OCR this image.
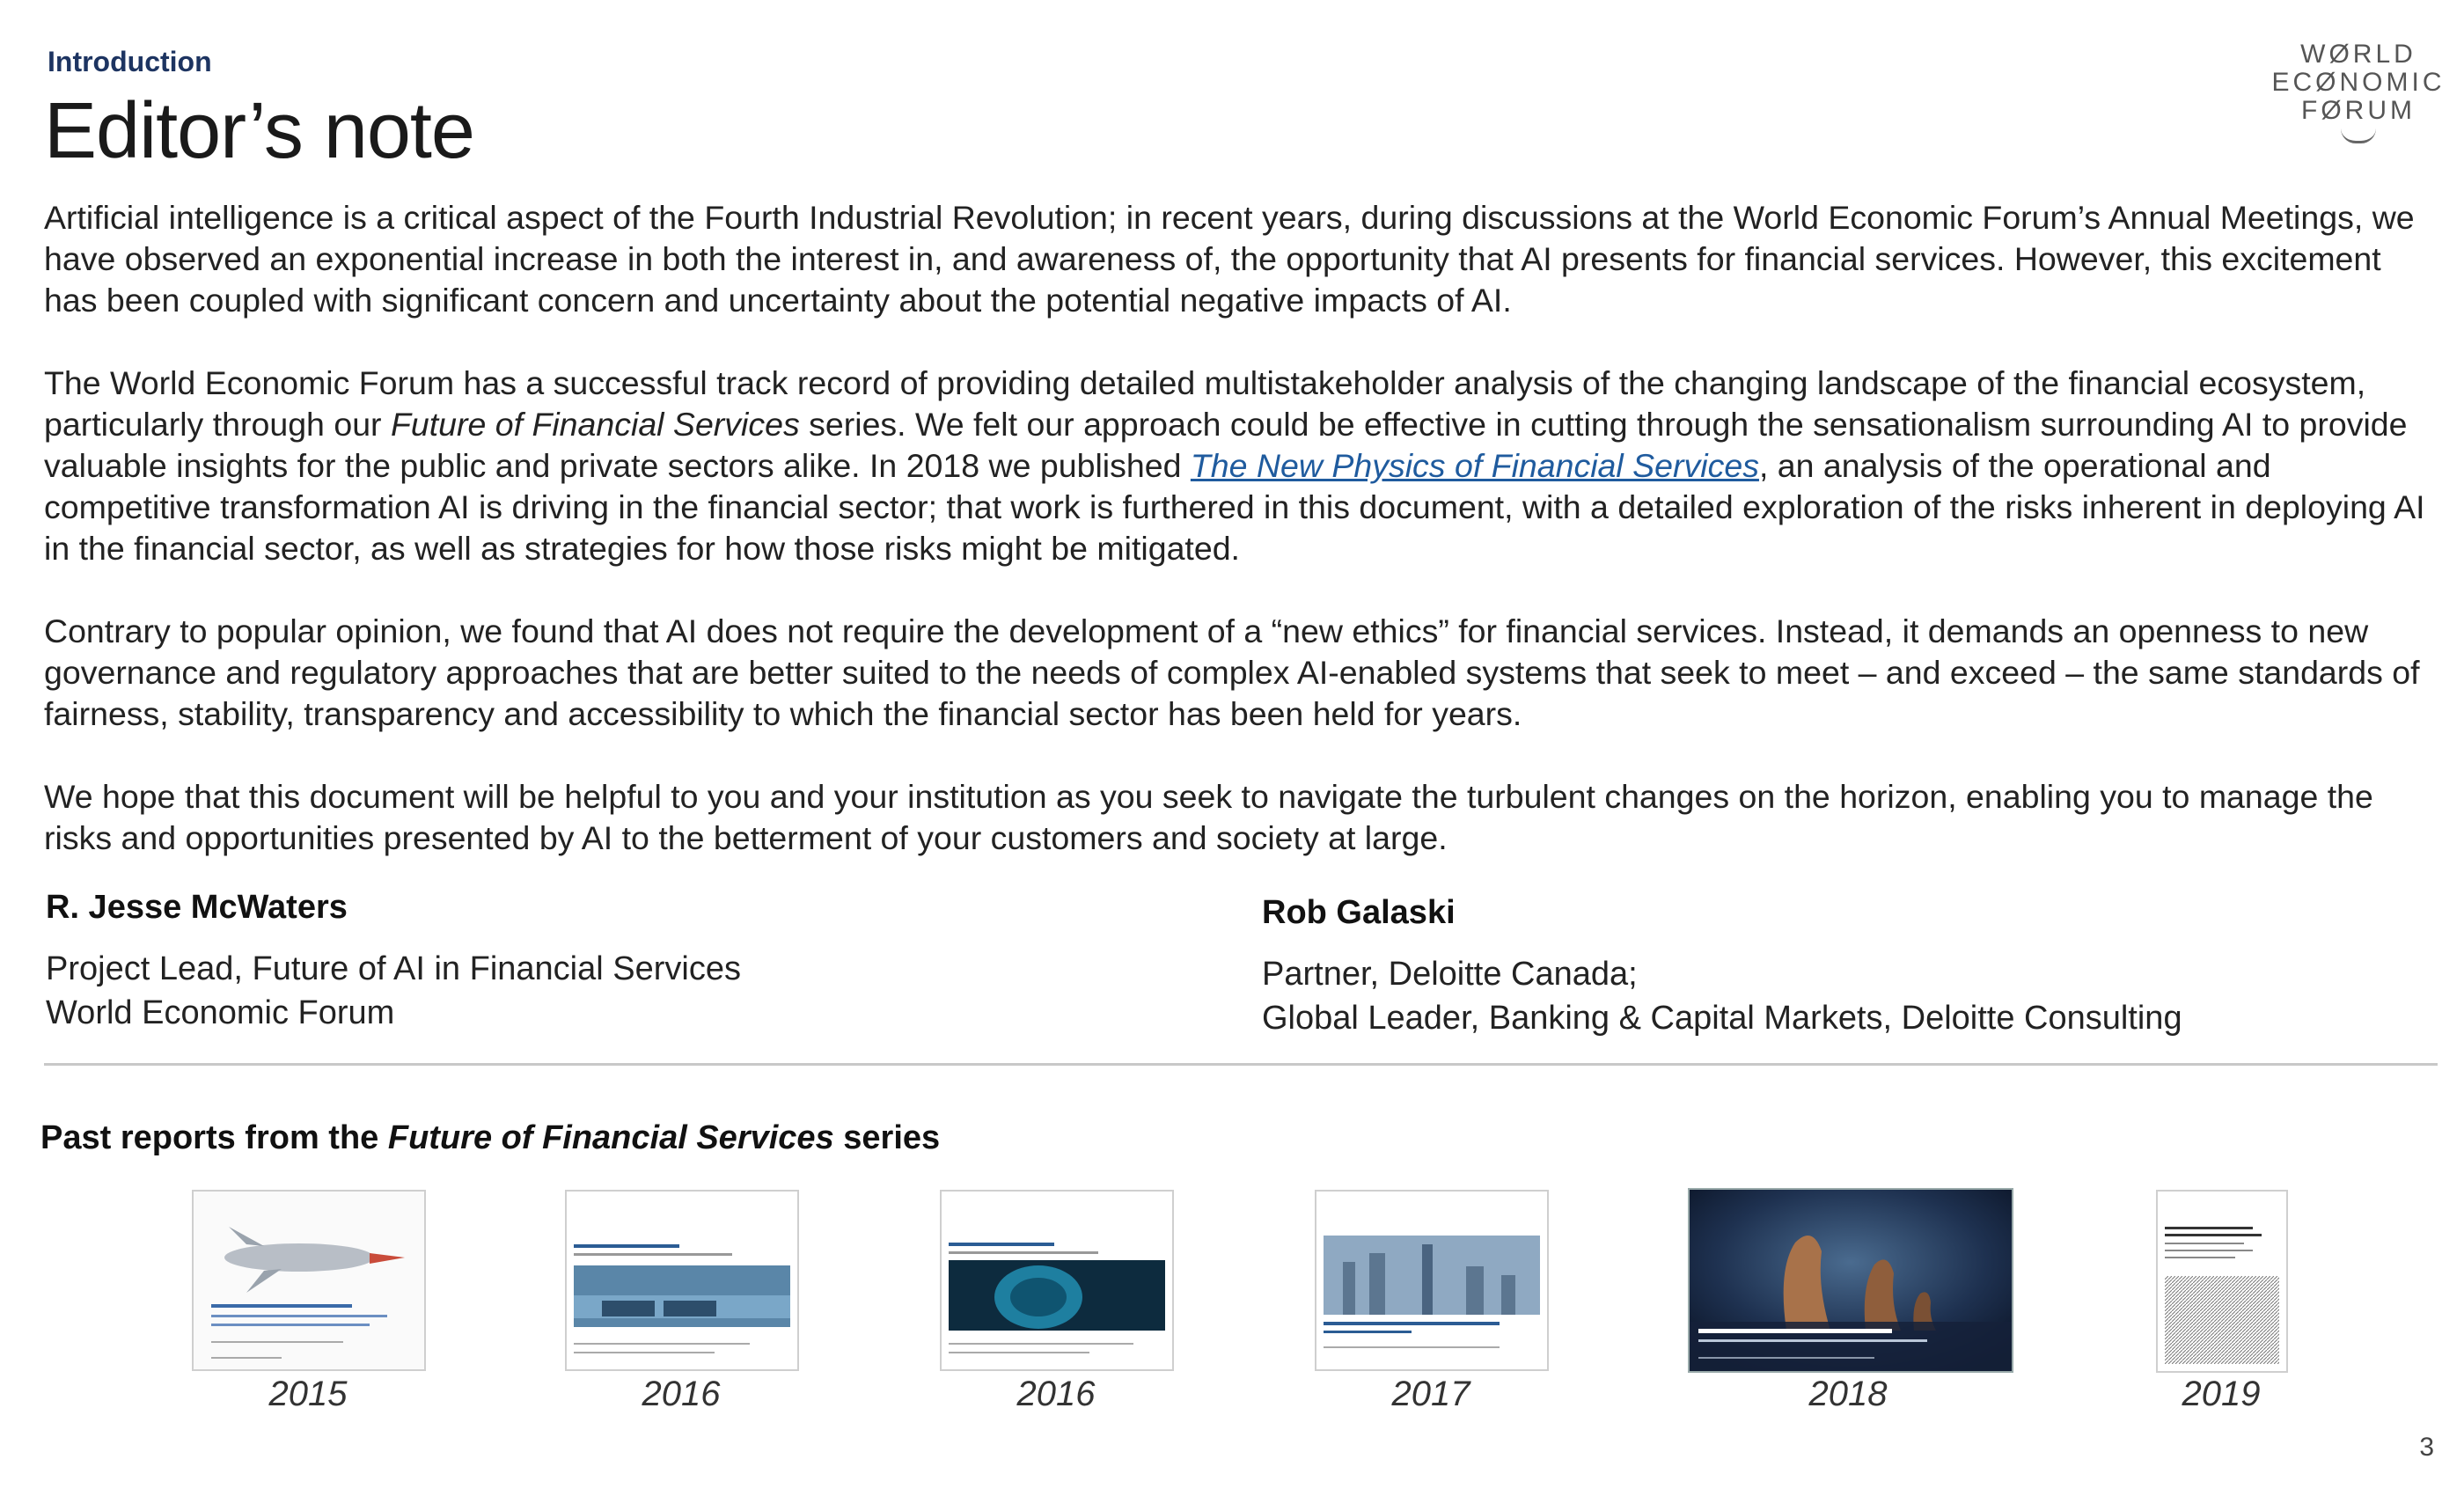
Introduction
Editor’s note
WØRLD
ECØNOMIC
FØRUM

Artificial intelligence is a critical aspect of the Fourth Industrial Revolution; in recent years, during discussions at the World Economic Forum’s Annual Meetings, we have observed an exponential increase in both the interest in, and awareness of, the opportunity that AI presents for financial services. However, this excitement has been coupled with significant concern and uncertainty about the potential negative impacts of AI.

The World Economic Forum has a successful track record of providing detailed multistakeholder analysis of the changing landscape of the financial ecosystem, particularly through our Future of Financial Services series. We felt our approach could be effective in cutting through the sensationalism surrounding AI to provide valuable insights for the public and private sectors alike. In 2018 we published The New Physics of Financial Services, an analysis of the operational and competitive transformation AI is driving in the financial sector; that work is furthered in this document, with a detailed exploration of the risks inherent in deploying AI in the financial sector, as well as strategies for how those risks might be mitigated.

Contrary to popular opinion, we found that AI does not require the development of a “new ethics” for financial services. Instead, it demands an openness to new governance and regulatory approaches that are better suited to the needs of complex AI-enabled systems that seek to meet – and exceed – the same standards of fairness, stability, transparency and accessibility to which the financial sector has been held for years.

We hope that this document will be helpful to you and your institution as you seek to navigate the turbulent changes on the horizon, enabling you to manage the risks and opportunities presented by AI to the betterment of your customers and society at large.

R. Jesse McWaters
Project Lead, Future of AI in Financial Services
World Economic Forum
Rob Galaski
Partner, Deloitte Canada;
Global Leader, Banking & Capital Markets, Deloitte Consulting
Past reports from the Future of Financial Services series
2015	2016	2016	2017	2018	2019
3
